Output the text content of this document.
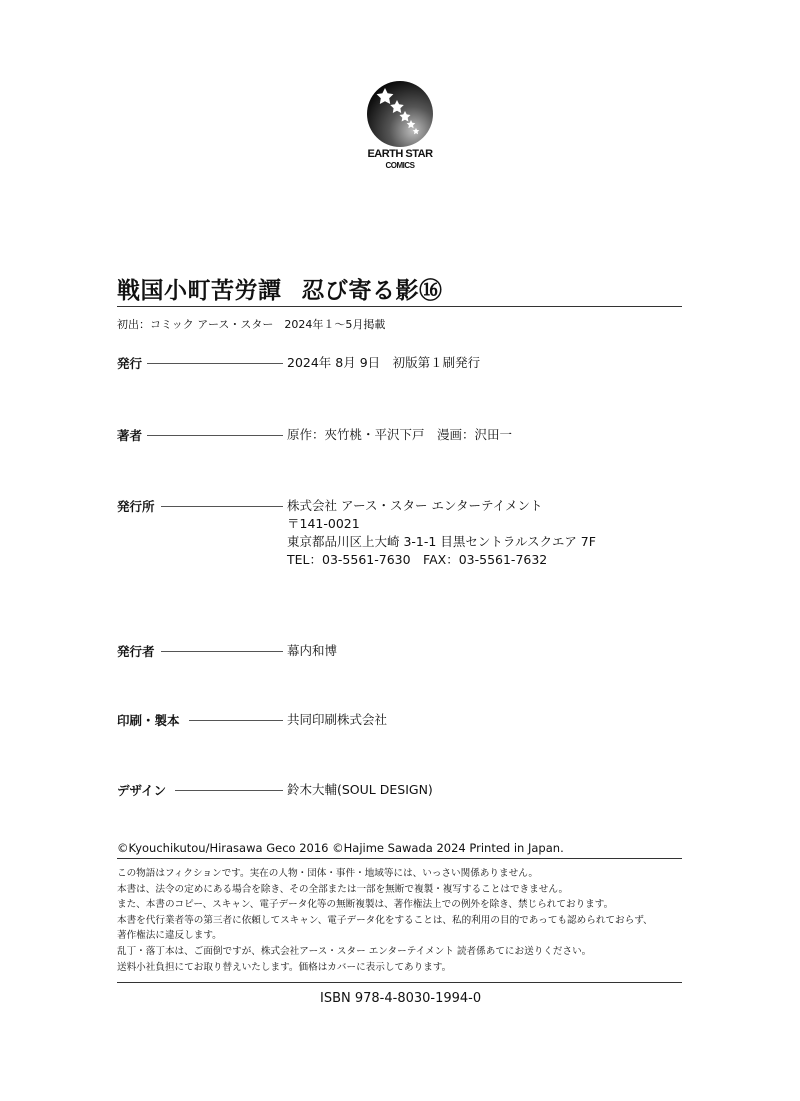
EARTH STAR
COMICS
戦国小町苦労譚 忍び寄る影⑯
初出：コミック アース・スター　2024年１～5月掲載
発行	2024年 8月 9日　初版第１刷発行
著者	原作：夾竹桃・平沢下戸　漫画：沢田一
発行所	株式会社 アース・スター エンターテイメント
〒141-0021
東京都品川区上大崎 3-1-1 目黒セントラルスクエア 7F
TEL：03-5561-7630　FAX：03-5561-7632
発行者	幕内和博
印刷・製本	共同印刷株式会社
デザイン	鈴木大輔(SOUL DESIGN)
©Kyouchikutou/Hirasawa Geco 2016 ©Hajime Sawada 2024 Printed in Japan.
この物語はフィクションです。実在の人物・団体・事件・地域等には、いっさい関係ありません。
本書は、法令の定めにある場合を除き、その全部または一部を無断で複製・複写することはできません。
また、本書のコピー、スキャン、電子データ化等の無断複製は、著作権法上での例外を除き、禁じられております。
本書を代行業者等の第三者に依頼してスキャン、電子データ化をすることは、私的利用の目的であっても認められておらず、
著作権法に違反します。
乱丁・落丁本は、ご面倒ですが、株式会社アース・スター エンターテイメント 読者係あてにお送りください。
送料小社負担にてお取り替えいたします。価格はカバーに表示してあります。
ISBN 978-4-8030-1994-0
